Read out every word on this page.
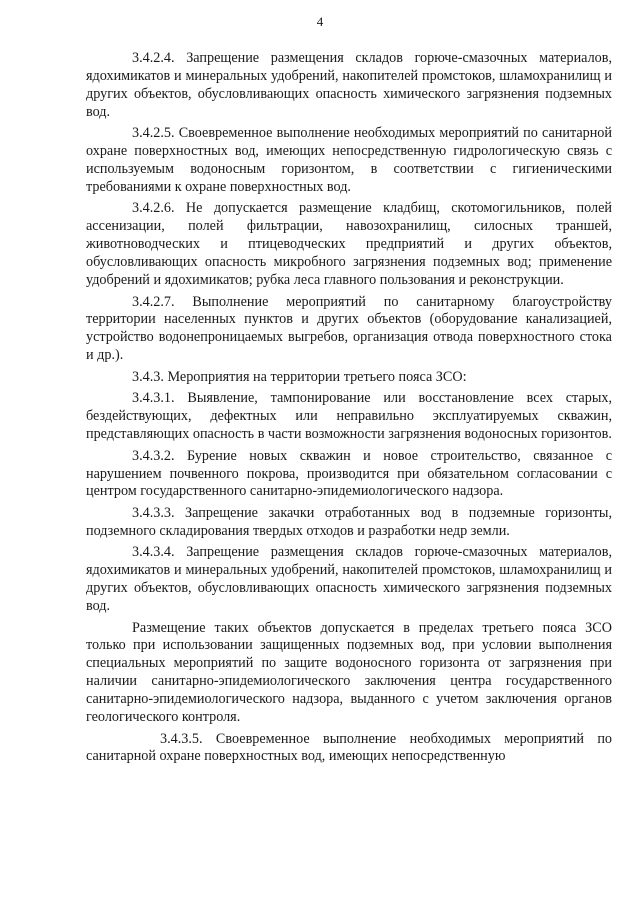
4

3.4.2.4. Запрещение размещения складов горюче-смазочных материалов, ядохимикатов и минеральных удобрений, накопителей промстоков, шламохранилищ и других объектов, обусловливающих опасность химического загрязнения подземных вод.

3.4.2.5. Своевременное выполнение необходимых мероприятий по санитарной охране поверхностных вод, имеющих непосредственную гидрологическую связь с используемым водоносным горизонтом, в соответствии с гигиеническими требованиями к охране поверхностных вод.

3.4.2.6. Не допускается размещение кладбищ, скотомогильников, полей ассенизации, полей фильтрации, навозохранилищ, силосных траншей, животноводческих и птицеводческих предприятий и других объектов, обусловливающих опасность микробного загрязнения подземных вод; применение удобрений и ядохимикатов; рубка леса главного пользования и реконструкции.

3.4.2.7. Выполнение мероприятий по санитарному благоустройству территории населенных пунктов и других объектов (оборудование канализацией, устройство водонепроницаемых выгребов, организация отвода поверхностного стока и др.).

3.4.3. Мероприятия на территории третьего пояса ЗСО:

3.4.3.1. Выявление, тампонирование или восстановление всех старых, бездействующих, дефектных или неправильно эксплуатируемых скважин, представляющих опасность в части возможности загрязнения водоносных горизонтов.

3.4.3.2. Бурение новых скважин и новое строительство, связанное с нарушением почвенного покрова, производится при обязательном согласовании с центром государственного санитарно-эпидемиологического надзора.

3.4.3.3. Запрещение закачки отработанных вод в подземные горизонты, подземного складирования твердых отходов и разработки недр земли.

3.4.3.4. Запрещение размещения складов горюче-смазочных материалов, ядохимикатов и минеральных удобрений, накопителей промстоков, шламохранилищ и других объектов, обусловливающих опасность химического загрязнения подземных вод.

Размещение таких объектов допускается в пределах третьего пояса ЗСО только при использовании защищенных подземных вод, при условии выполнения специальных мероприятий по защите водоносного горизонта от загрязнения при наличии санитарно-эпидемиологического заключения центра государственного санитарно-эпидемиологического надзора, выданного с учетом заключения органов геологического контроля.

3.4.3.5. Своевременное выполнение необходимых мероприятий по санитарной охране поверхностных вод, имеющих непосредственную
